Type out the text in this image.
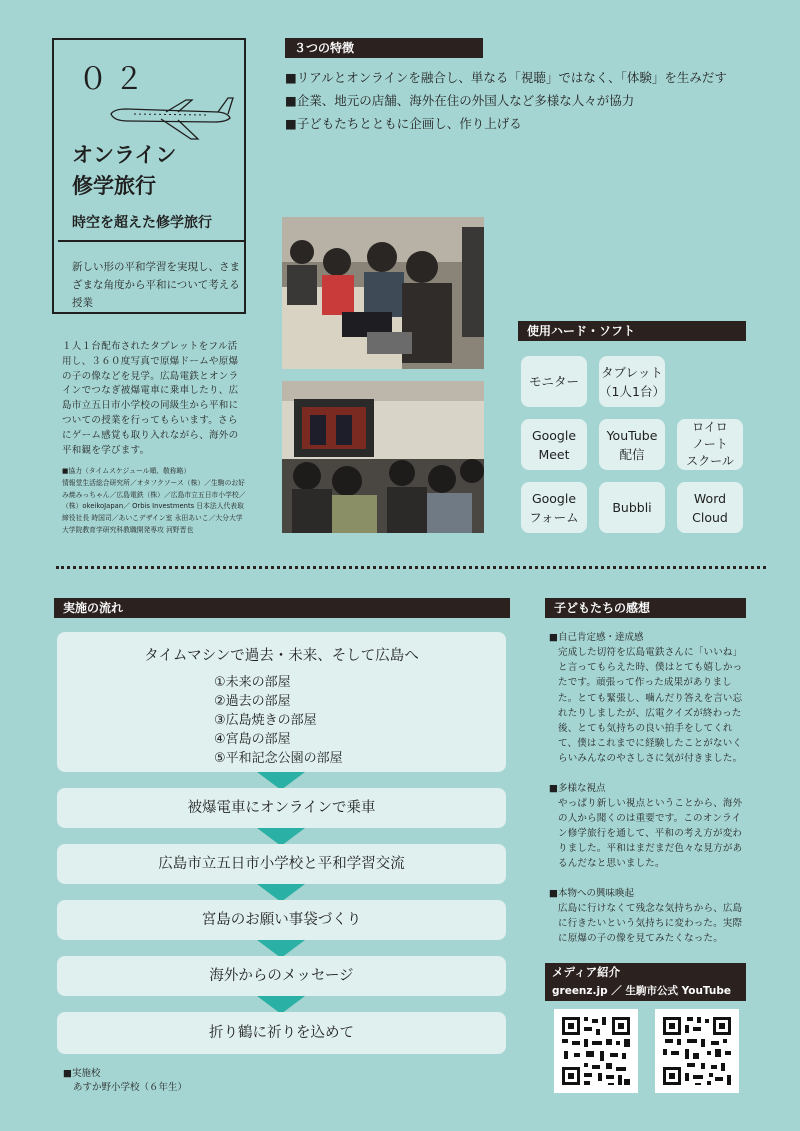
０２
オンライン
修学旅行
時空を超えた修学旅行
新しい形の平和学習を実現し、さまざまな角度から平和について考える授業
１人１台配布されたタブレットをフル活用し、３６０度写真で原爆ドームや原爆の子の像などを見学。広島電鉄とオンラインでつなぎ被爆電車に乗車したり、広島市立五日市小学校の同級生から平和についての授業を行ってもらいます。さらにゲーム感覚も取り入れながら、海外の平和観を学びます。
■協力（タイムスケジュール順、敬称略）
情報堂生活総合研究所／オタフクソース（株）／生駒のお好み焼みっちゃん／広島電鉄（株）／広島市立五日市小学校／（株）okeikoJapan／ Orbis Investments 日本法人代表取締役社長 時国司／あいこデザイン室 永田あいこ／大分大学大学院教育学研究科教職開発専攻 河野晋也
３つの特徴
■リアルとオンラインを融合し、単なる「視聴」ではなく、「体験」を生みだす
■企業、地元の店舗、海外在住の外国人など多様な人々が協力
■子どもたちとともに企画し、作り上げる
使用ハード・ソフト
モニター
タブレット
（1人1台）
Google
Meet
YouTube
配信
ロイロ
ノート
スクール
Google
フォーム
Bubbli
Word
Cloud
実施の流れ
タイムマシンで過去・未来、そして広島へ
①未来の部屋
②過去の部屋
③広島焼きの部屋
④宮島の部屋
⑤平和記念公園の部屋
被爆電車にオンラインで乗車
広島市立五日市小学校と平和学習交流
宮島のお願い事袋づくり
海外からのメッセージ
折り鶴に祈りを込めて
■実施校
あすか野小学校（６年生）
子どもたちの感想
■自己肯定感・達成感
完成した切符を広島電鉄さんに「いいね」と言ってもらえた時、僕はとても嬉しかったです。頑張って作った成果がありました。とても緊張し、噛んだり答えを言い忘れたりしましたが、広電クイズが終わった後、とても気持ちの良い拍手をしてくれて、僕はこれまでに経験したことがないくらいみんなのやさしさに気が付きました。
■多様な視点
やっぱり新しい視点ということから、海外の人から聞くのは重要です。このオンライン修学旅行を通して、平和の考え方が変わりました。平和はまだまだ色々な見方があるんだなと思いました。
■本物への興味喚起
広島に行けなくて残念な気持ちから、広島に行きたいという気持ちに変わった。実際に原爆の子の像を見てみたくなった。
メディア紹介
greenz.jp ／ 生駒市公式 YouTube
